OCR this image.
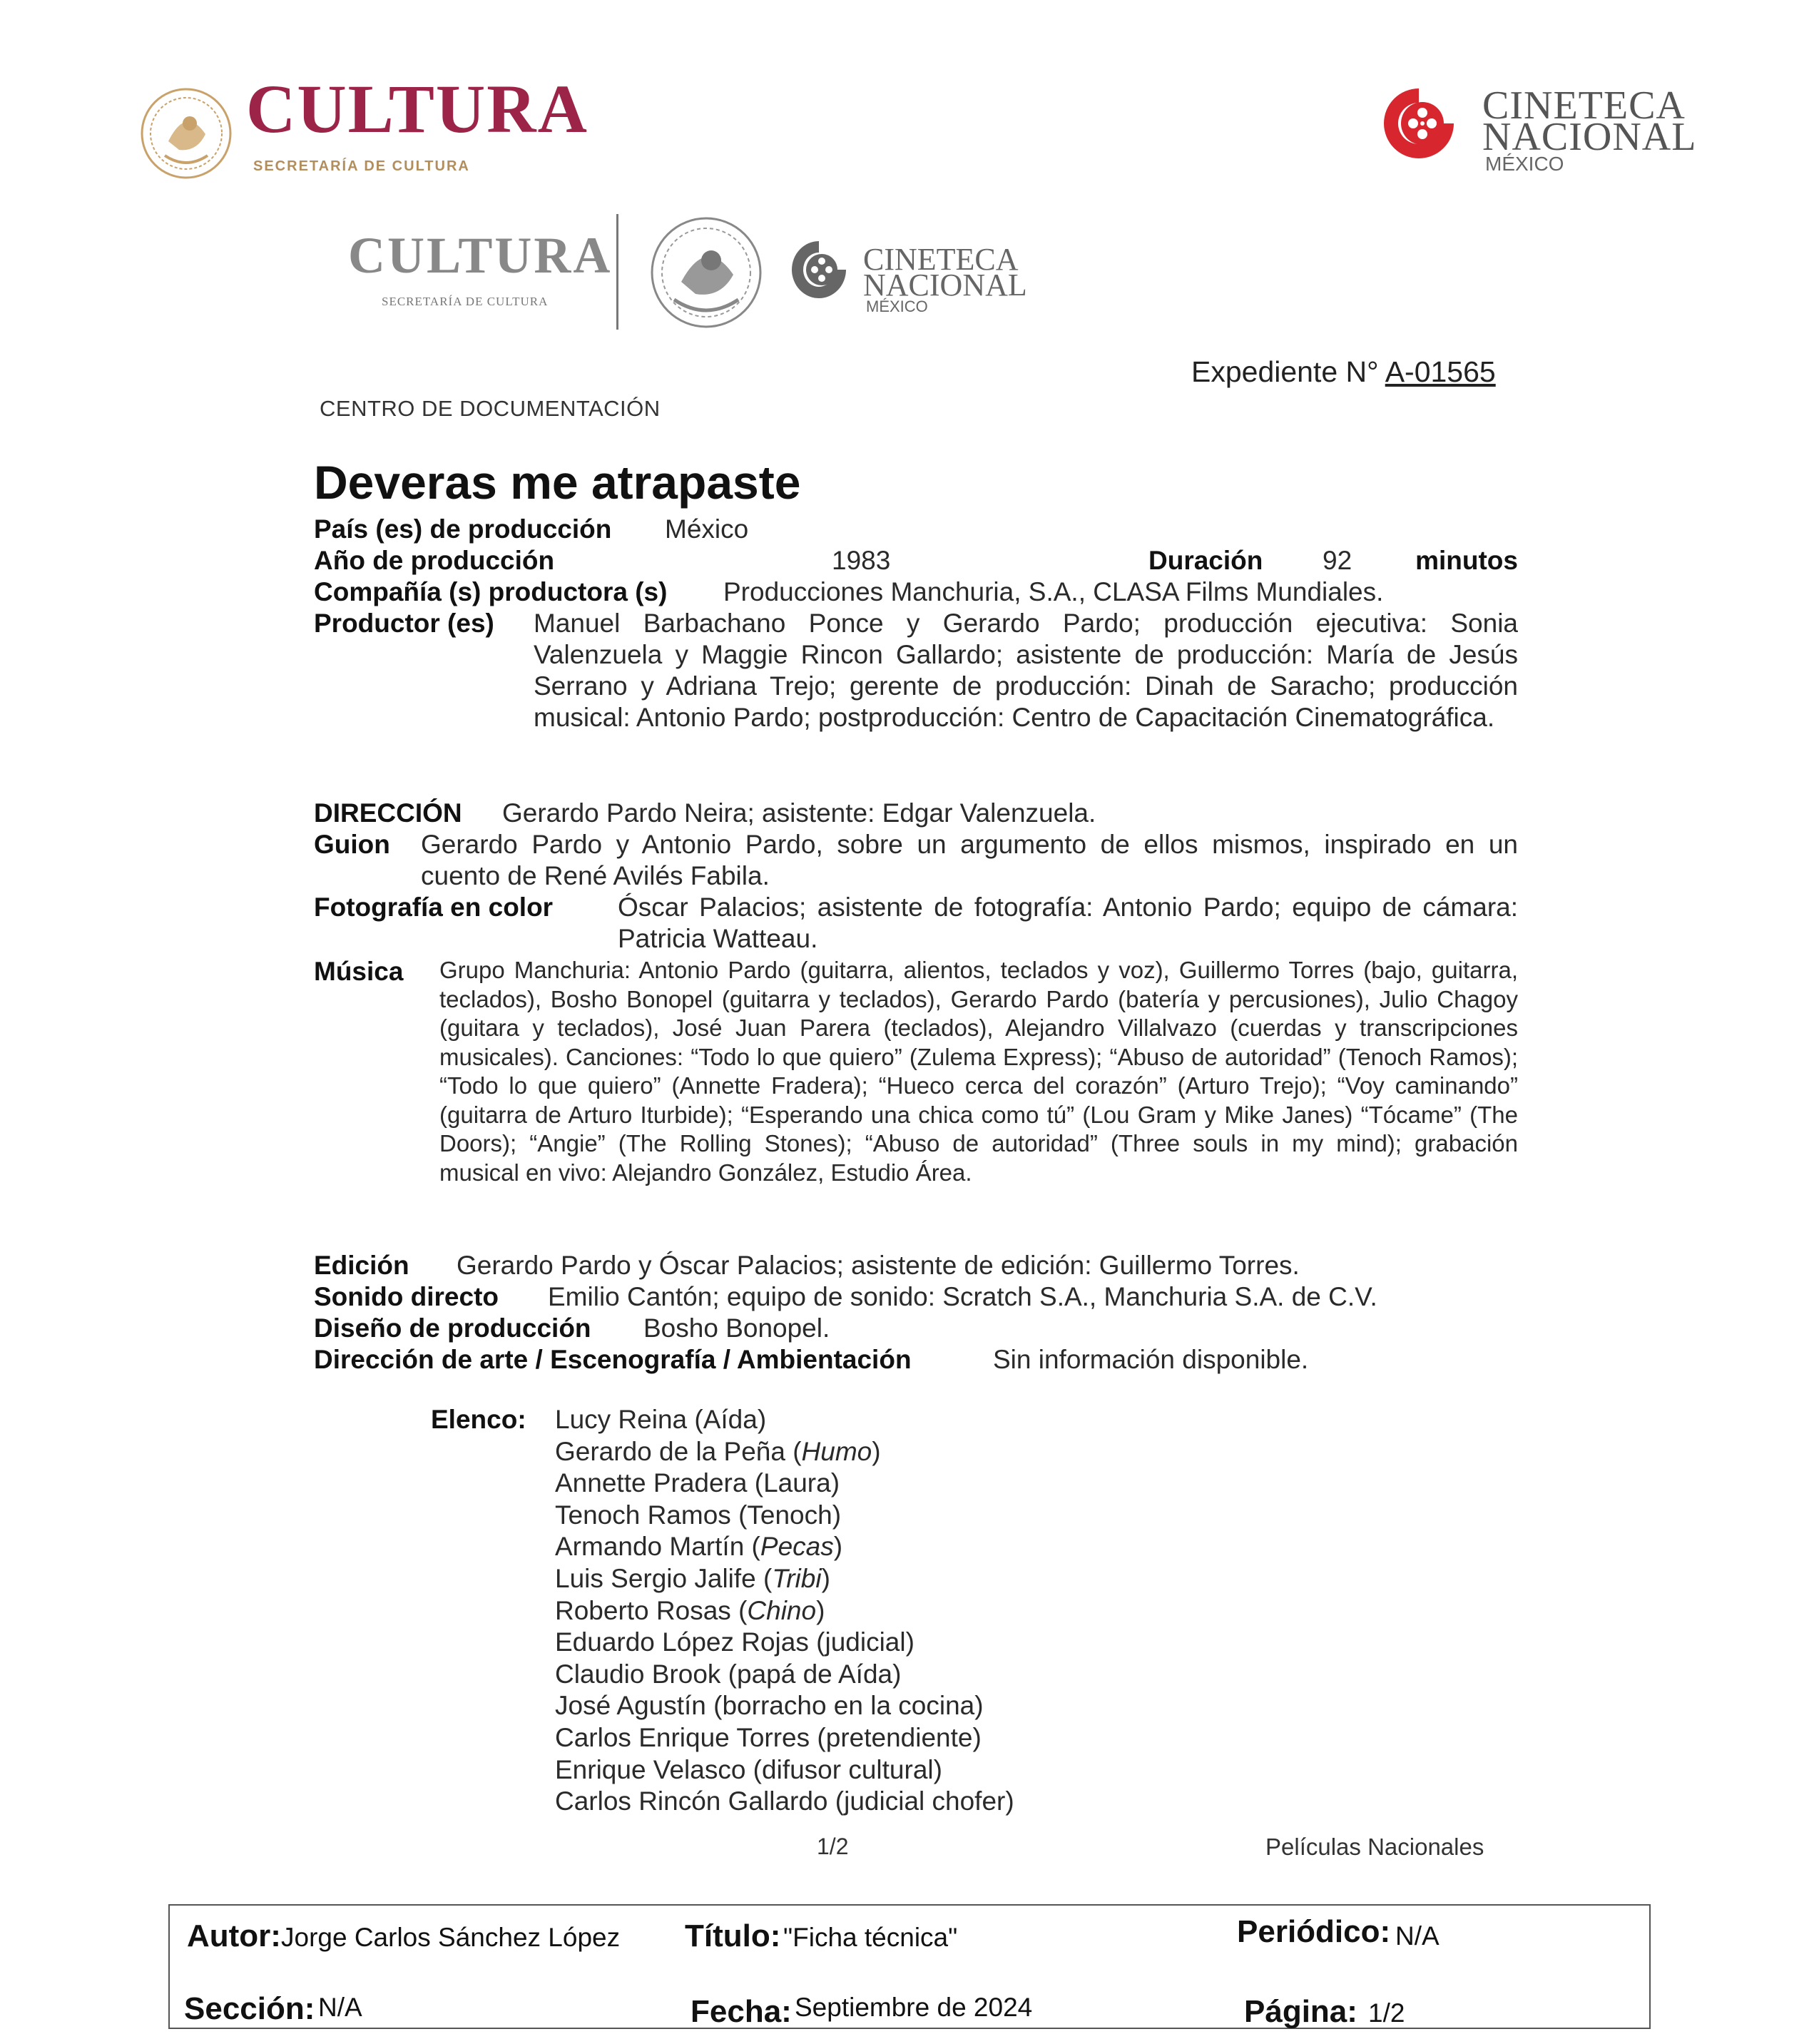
CULTURA
SECRETARÍA DE CULTURA
CINETECA
NACIONAL
MÉXICO
CULTURA
SECRETARÍA DE CULTURA
CINETECA
NACIONAL
MÉXICO
Expediente N° A-01565
CENTRO DE DOCUMENTACIÓN
Deveras me atrapaste
País (es) de producción México
Año de producción	1983	Duración 92 minutos
Compañía (s) productora (s) Producciones Manchuria, S.A., CLASA Films Mundiales.
Productor (es) Manuel Barbachano Ponce y Gerardo Pardo; producción ejecutiva: Sonia Valenzuela y Maggie Rincon Gallardo; asistente de producción: María de Jesús Serrano y Adriana Trejo; gerente de producción: Dinah de Saracho; producción musical: Antonio Pardo; postproducción: Centro de Capacitación Cinematográfica.
DIRECCIÓN Gerardo Pardo Neira; asistente: Edgar Valenzuela.
Guion Gerardo Pardo y Antonio Pardo, sobre un argumento de ellos mismos, inspirado en un cuento de René Avilés Fabila.
Fotografía en color Óscar Palacios; asistente de fotografía: Antonio Pardo; equipo de cámara: Patricia Watteau.
Música Grupo Manchuria: Antonio Pardo (guitarra, alientos, teclados y voz), Guillermo Torres (bajo, guitarra, teclados), Bosho Bonopel (guitarra y teclados), Gerardo Pardo (batería y percusiones), Julio Chagoy (guitara y teclados), José Juan Parera (teclados), Alejandro Villalvazo (cuerdas y transcripciones musicales). Canciones: “Todo lo que quiero” (Zulema Express); “Abuso de autoridad” (Tenoch Ramos); “Todo lo que quiero” (Annette Fradera); “Hueco cerca del corazón” (Arturo Trejo); “Voy caminando” (guitarra de Arturo Iturbide); “Esperando una chica como tú” (Lou Gram y Mike Janes) “Tócame” (The Doors); “Angie” (The Rolling Stones); “Abuso de autoridad” (Three souls in my mind); grabación musical en vivo: Alejandro González, Estudio Área.
Edición Gerardo Pardo y Óscar Palacios; asistente de edición: Guillermo Torres.
Sonido directo Emilio Cantón; equipo de sonido: Scratch S.A., Manchuria S.A. de C.V.
Diseño de producción Bosho Bonopel.
Dirección de arte / Escenografía / Ambientación	Sin información disponible.
Elenco: Lucy Reina (Aída)
Gerardo de la Peña (Humo)
Annette Pradera (Laura)
Tenoch Ramos (Tenoch)
Armando Martín (Pecas)
Luis Sergio Jalife (Tribi)
Roberto Rosas (Chino)
Eduardo López Rojas (judicial)
Claudio Brook (papá de Aída)
José Agustín (borracho en la cocina)
Carlos Enrique Torres (pretendiente)
Enrique Velasco (difusor cultural)
Carlos Rincón Gallardo (judicial chofer)
1/2	Películas Nacionales
Autor: Jorge Carlos Sánchez López Título: "Ficha técnica"	Periódico: N/A
Sección: N/A	Fecha: Septiembre de 2024	Página: 1/2
